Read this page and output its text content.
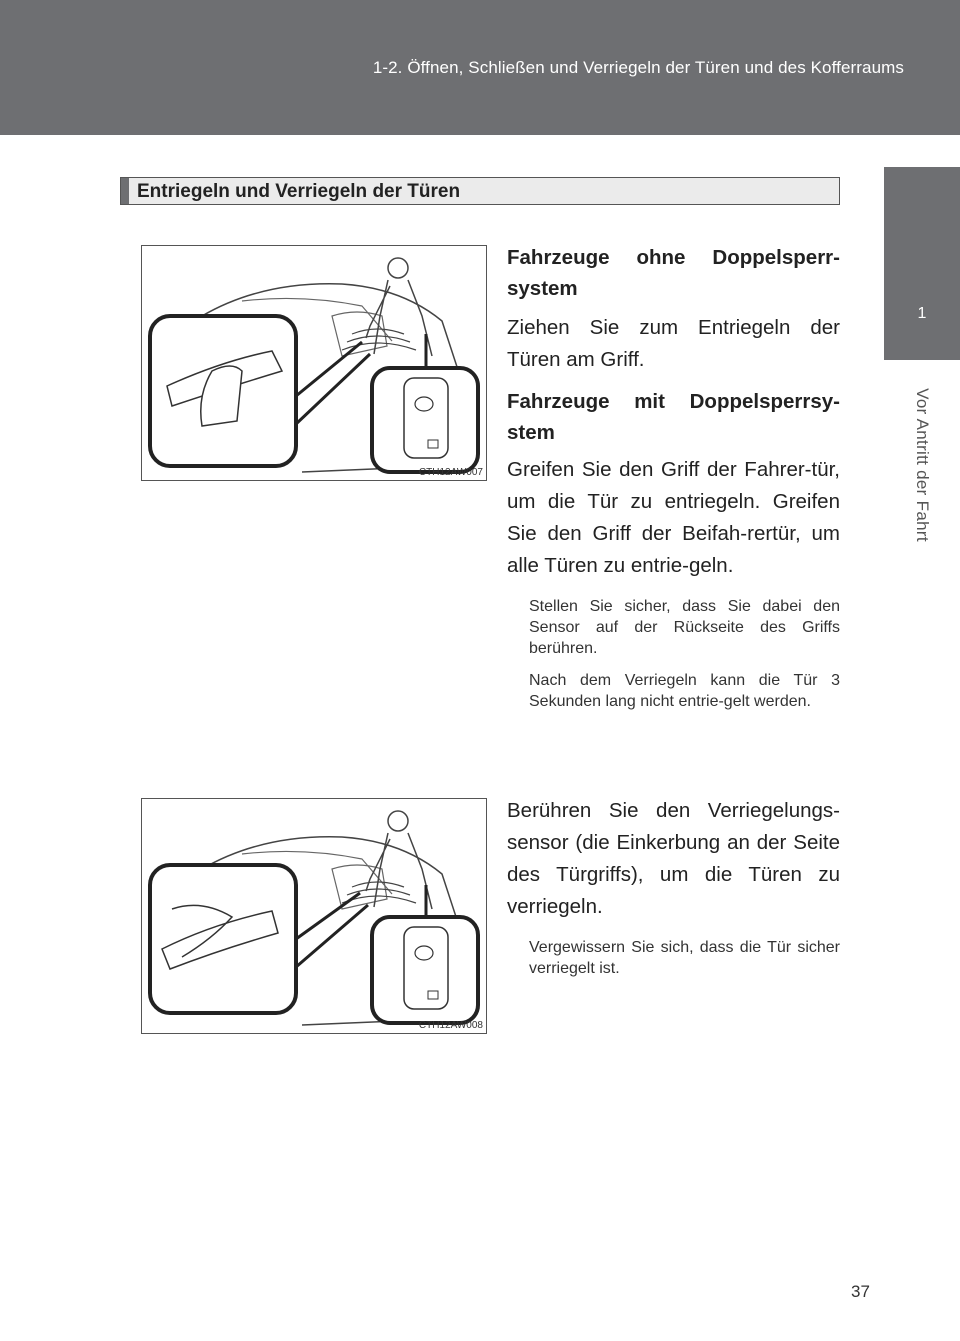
1-2. Öffnen, Schließen und Verriegeln der Türen und des Kofferraums
1
Vor Antritt der Fahrt
Entriegeln und Verriegeln der Türen
CTH12AW007
CTH12AW008

Fahrzeuge ohne Doppelsperr-system

Ziehen Sie zum Entriegeln der Türen am Griff.

Fahrzeuge mit Doppelsperrsy-stem

Greifen Sie den Griff der Fahrer-tür, um die Tür zu entriegeln. Greifen Sie den Griff der Beifah-rertür, um alle Türen zu entrie-geln.

Stellen Sie sicher, dass Sie dabei den Sensor auf der Rückseite des Griffs berühren.

Nach dem Verriegeln kann die Tür 3 Sekunden lang nicht entrie-gelt werden.

Berühren Sie den Verriegelungs-sensor (die Einkerbung an der Seite des Türgriffs), um die Türen zu verriegeln.

Vergewissern Sie sich, dass die Tür sicher verriegelt ist.

37
